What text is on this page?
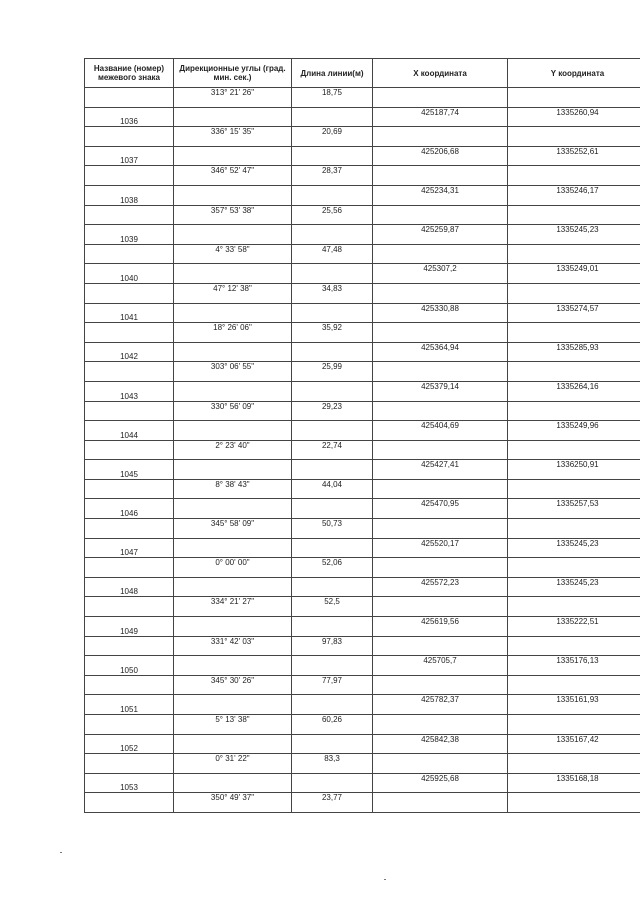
Название (номер) межевого знака	Дирекционные углы (град. мин. сек.)	Длина линии(м)	X координата	Y координата
	313° 21' 26"	18,75		
1036			425187,74	1335260,94
	336° 15' 35"	20,69		
1037			425206,68	1335252,61
	346° 52' 47"	28,37		
1038			425234,31	1335246,17
	357° 53' 38"	25,56		
1039			425259,87	1335245,23
	4° 33' 58"	47,48		
1040			425307,2	1335249,01
	47° 12' 38"	34,83		
1041			425330,88	1335274,57
	18° 26' 06"	35,92		
1042			425364,94	1335285,93
	303° 06' 55"	25,99		
1043			425379,14	1335264,16
	330° 56' 09"	29,23		
1044			425404,69	1335249,96
	2° 23' 40"	22,74		
1045			425427,41	1336250,91
	8° 38' 43"	44,04		
1046			425470,95	1335257,53
	345° 58' 09"	50,73		
1047			425520,17	1335245,23
	0° 00' 00"	52,06		
1048			425572,23	1335245,23
	334° 21' 27"	52,5		
1049			425619,56	1335222,51
	331° 42' 03"	97,83		
1050			425705,7	1335176,13
	345° 30' 26"	77,97		
1051			425782,37	1335161,93
	5° 13' 38"	60,26		
1052			425842,38	1335167,42
	0° 31' 22"	83,3		
1053			425925,68	1335168,18
	350° 49' 37"	23,77		
